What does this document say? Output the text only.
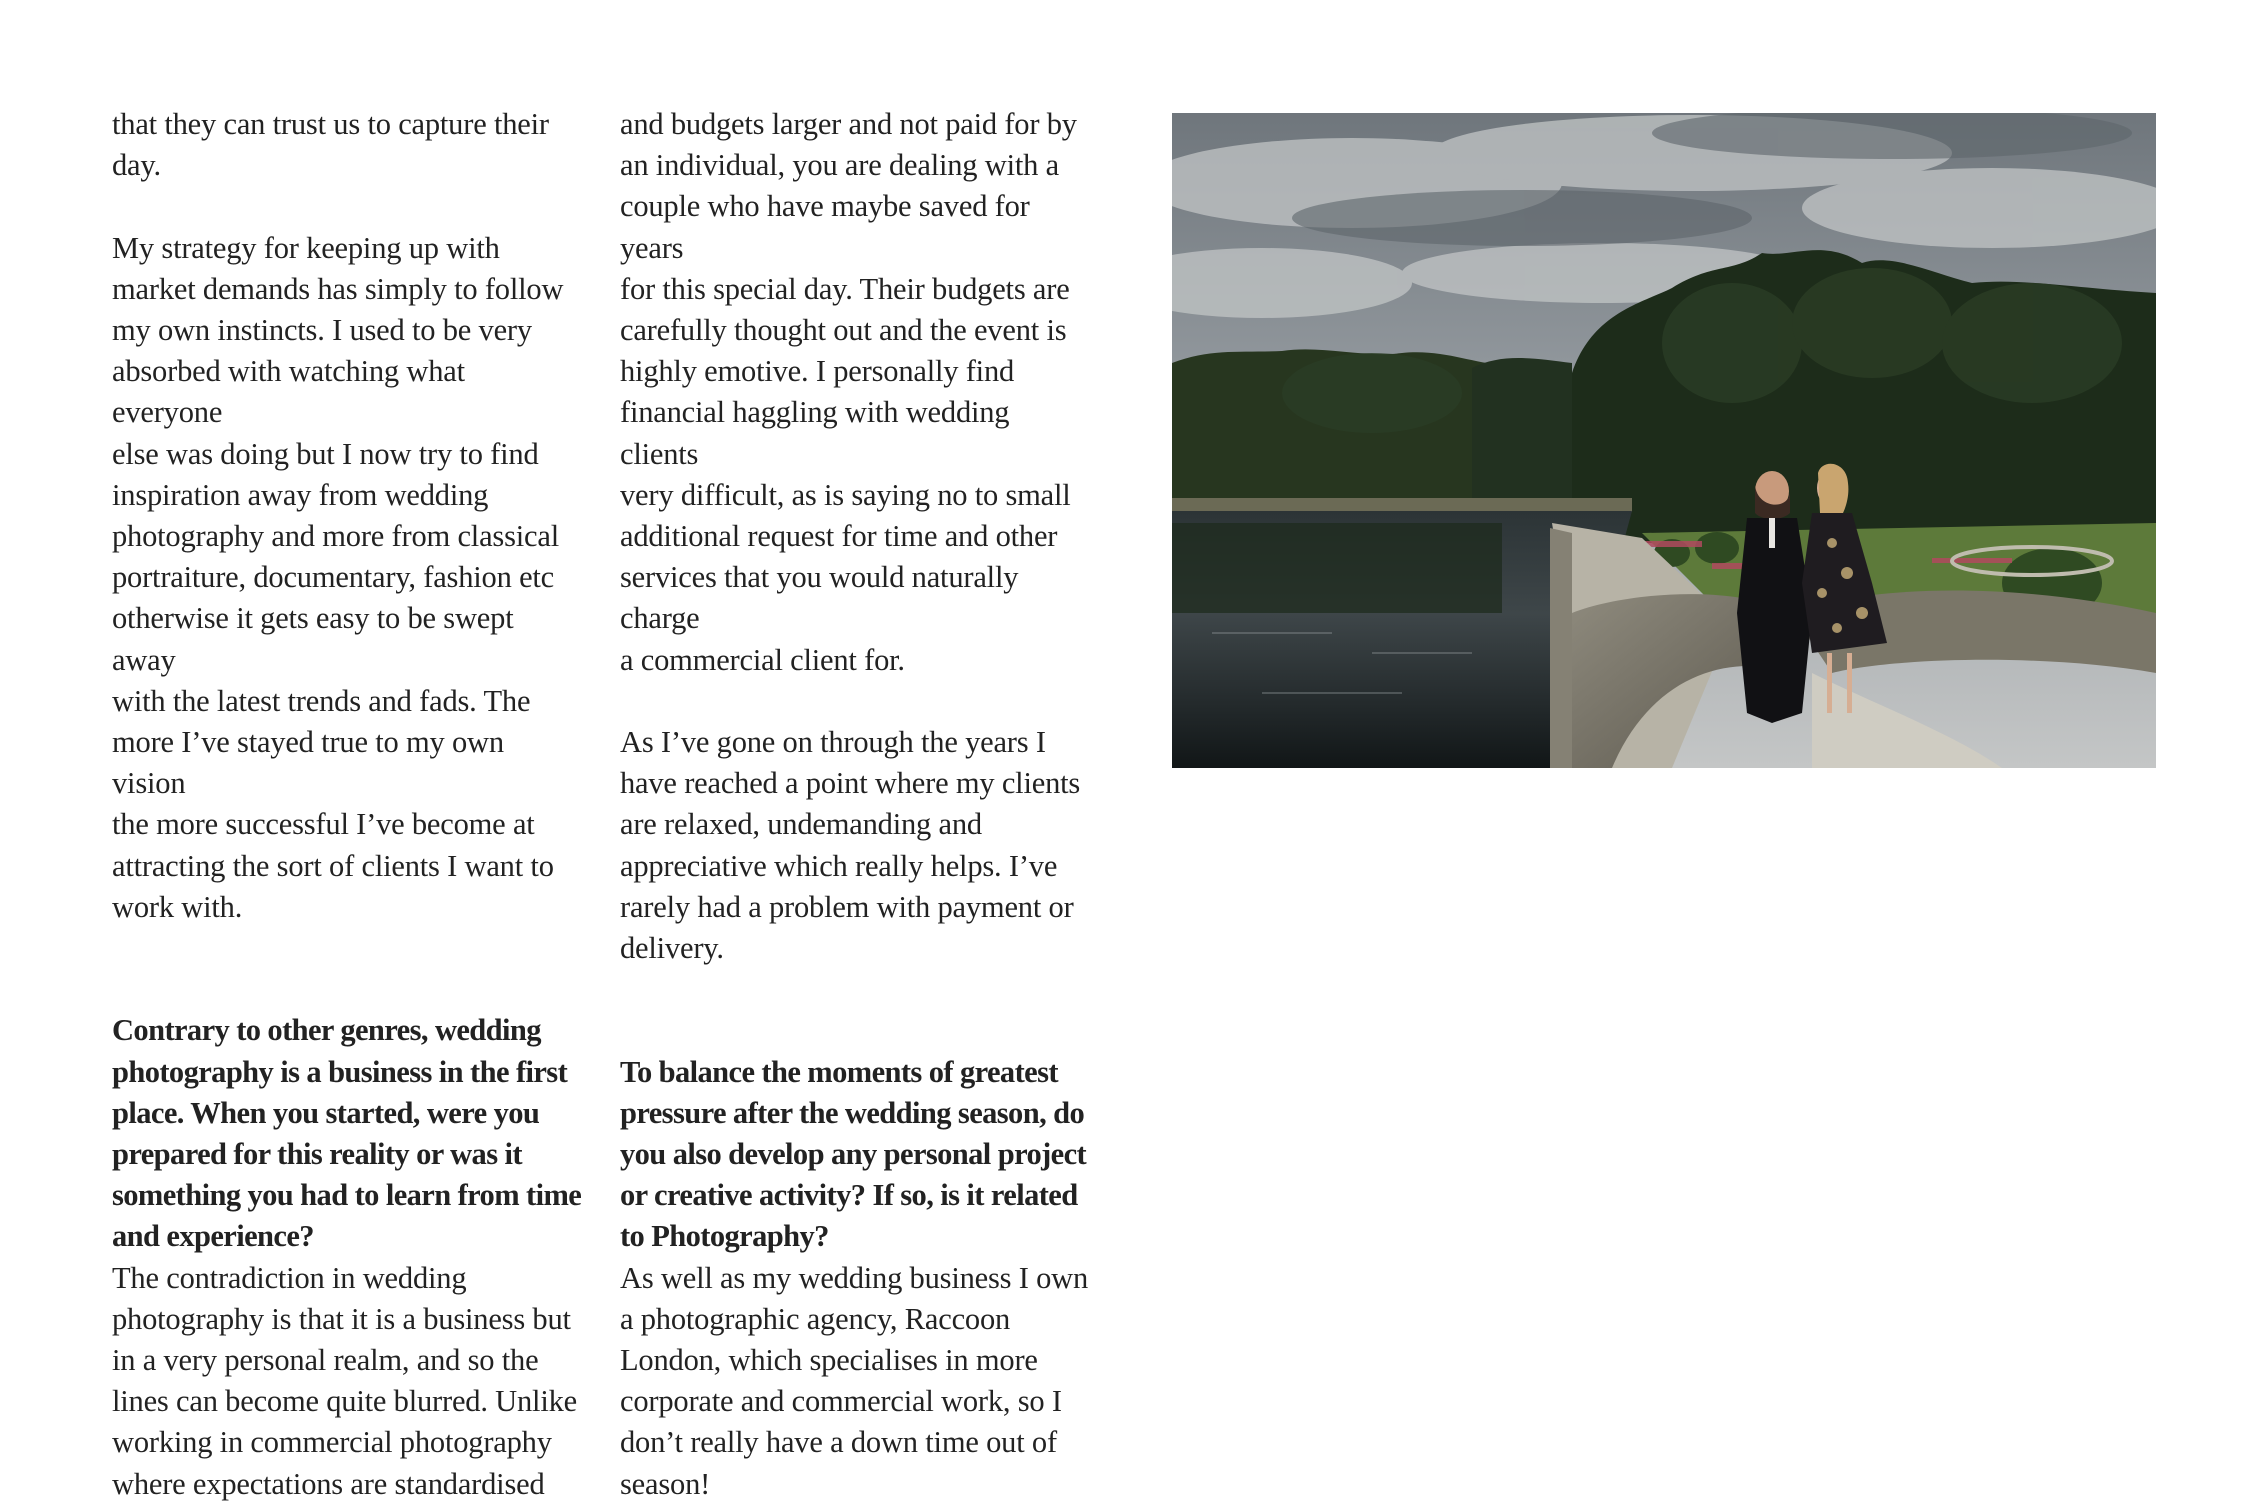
that they can trust us to capture their
day.

My strategy for keeping up with
market demands has simply to follow
my own instincts. I used to be very
absorbed with watching what everyone
else was doing but I now try to find
inspiration away from wedding
photography and more from classical
portraiture, documentary, fashion etc
otherwise it gets easy to be swept away
with the latest trends and fads. The
more I’ve stayed true to my own vision
the more successful I’ve become at
attracting the sort of clients I want to
work with.

Contrary to other genres, wedding
photography is a business in the first
place. When you started, were you
prepared for this reality or was it
something you had to learn from time
and experience?

The contradiction in wedding
photography is that it is a business but
in a very personal realm, and so the
lines can become quite blurred. Unlike
working in commercial photography
where expectations are standardised

and budgets larger and not paid for by
an individual, you are dealing with a
couple who have maybe saved for years
for this special day. Their budgets are
carefully thought out and the event is
highly emotive. I personally find
financial haggling with wedding clients
very difficult, as is saying no to small
additional request for time and other
services that you would naturally charge
a commercial client for.

As I’ve gone on through the years I
have reached a point where my clients
are relaxed, undemanding and
appreciative which really helps. I’ve
rarely had a problem with payment or
delivery.

To balance the moments of greatest
pressure after the wedding season, do
you also develop any personal project
or creative activity? If so, is it related
to Photography?

As well as my wedding business I own
a photographic agency, Raccoon
London, which specialises in more
corporate and commercial work, so I
don’t really have a down time out of
season!
